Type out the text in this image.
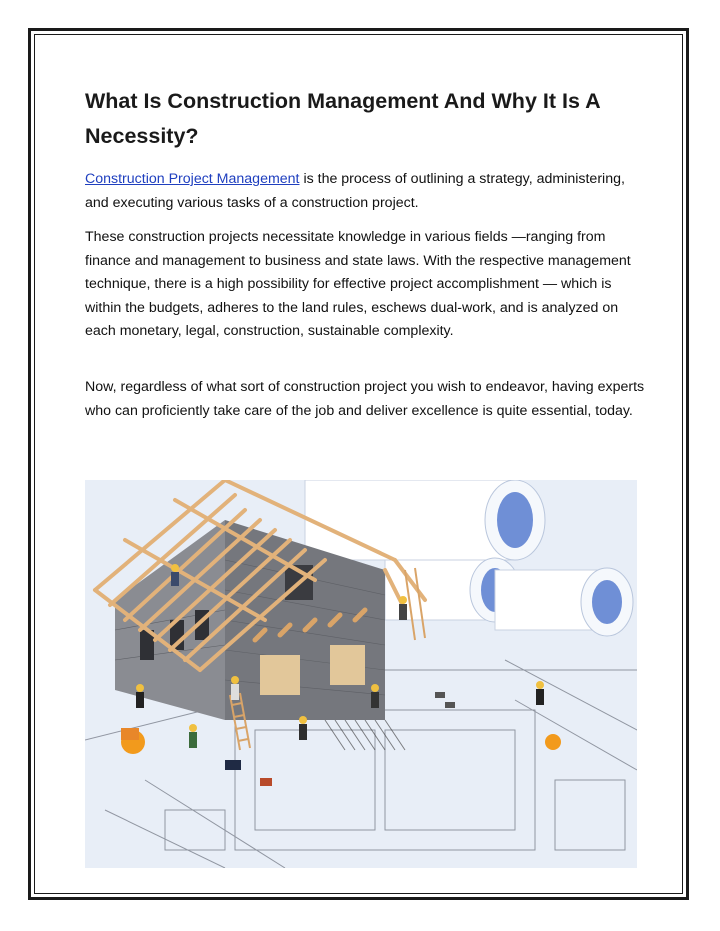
What Is Construction Management And Why It Is A Necessity?

Construction Project Management is the process of outlining a strategy, administering, and executing various tasks of a construction project.

These construction projects necessitate knowledge in various fields —ranging from finance and management to business and state laws. With the respective management technique, there is a high possibility for effective project accomplishment — which is within the budgets, adheres to the land rules, eschews dual-work, and is analyzed on each monetary, legal, construction, sustainable complexity.

Now, regardless of what sort of construction project you wish to endeavor, having experts who can proficiently take care of the job and deliver excellence is quite essential, today.
